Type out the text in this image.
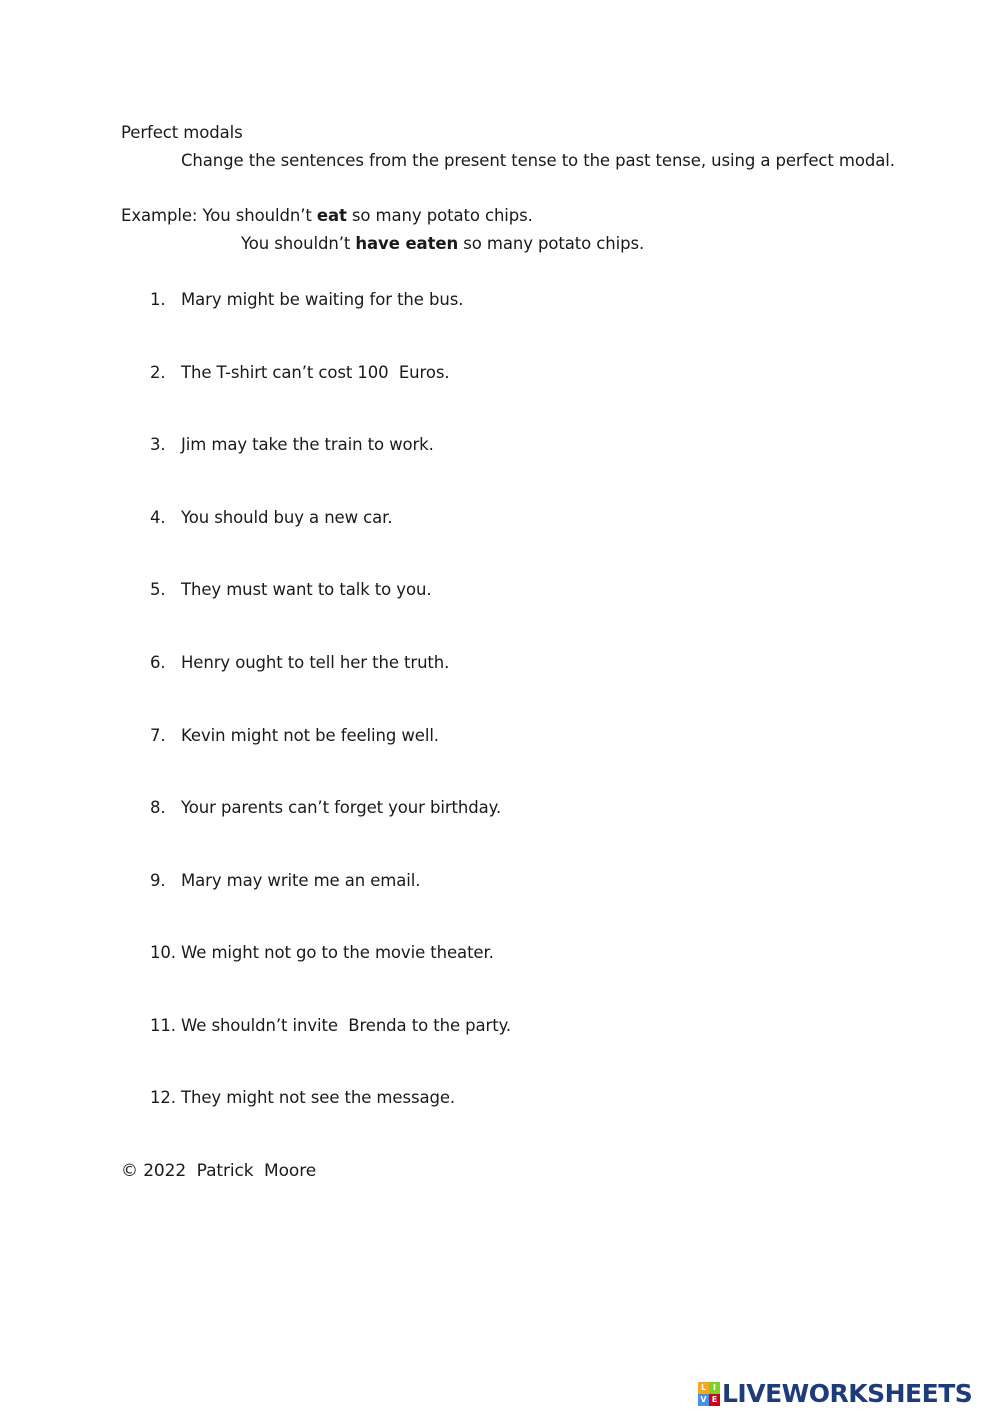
Perfect modals
Change the sentences from the present tense to the past tense, using a perfect modal.
Example: You shouldn’t eat so many potato chips.
You shouldn’t have eaten so many potato chips.
1. Mary might be waiting for the bus.
2. The T-shirt can’t cost 100  Euros.
3. Jim may take the train to work.
4. You should buy a new car.
5. They must want to talk to you.
6. Henry ought to tell her the truth.
7. Kevin might not be feeling well.
8. Your parents can’t forget your birthday.
9. Mary may write me an email.
10. We might not go to the movie theater.
11. We shouldn’t invite  Brenda to the party.
12. They might not see the message.
© 2022  Patrick  Moore
L I
V E LIVEWORKSHEETS
